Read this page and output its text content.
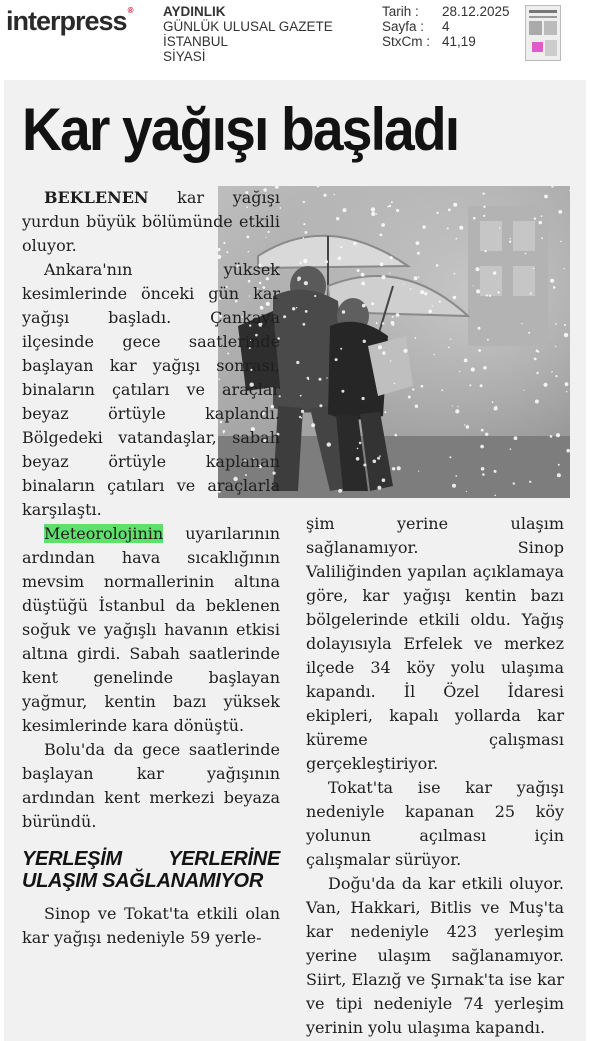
interpress® AYDINLIK
GÜNLÜK ULUSAL GAZETE
İSTANBUL
SİYASİ
Tarih :	28.12.2025
Sayfa :	4
StxCm : 41,19
Kar yağışı başladı

BEKLENEN kar yağışı yurdun büyük bölümünde etkili oluyor.

Ankara'nın yüksek kesimlerinde önceki gün kar yağışı başladı. Çankaya ilçesinde gece saatlerinde başlayan kar yağışı sonrası, binaların çatıları ve araçlar beyaz örtüyle kaplandı. Bölgedeki vatandaşlar, sabah beyaz örtüyle kaplanan binaların çatıları ve araçlarla karşılaştı.

Meteorolojinin uyarılarının ardından hava sıcaklığının mevsim normallerinin altına düştüğü İstanbul da beklenen soğuk ve yağışlı havanın etkisi altına girdi. Sabah saatlerinde kent genelinde başlayan yağmur, kentin bazı yüksek kesimlerinde kara dönüştü.

Bolu'da da gece saatlerinde başlayan kar yağışının ardından kent merkezi beyaza büründü.

YERLEŞİM YERLERİNE ULAŞIM SAĞLANAMIYOR

Sinop ve Tokat'ta etkili olan kar yağışı nedeniyle 59 yerle-

şim yerine ulaşım sağlanamıyor. Sinop Valiliğinden yapılan açıklamaya göre, kar yağışı kentin bazı bölgelerinde etkili oldu. Yağış dolayısıyla Erfelek ve merkez ilçede 34 köy yolu ulaşıma kapandı. İl Özel İdaresi ekipleri, kapalı yollarda kar küreme çalışması gerçekleştiriyor.

Tokat'ta ise kar yağışı nedeniyle kapanan 25 köy yolunun açılması için çalışmalar sürüyor.

Doğu'da da kar etkili oluyor. Van, Hakkari, Bitlis ve Muş'ta kar nedeniyle 423 yerleşim yerine ulaşım sağlanamıyor. Siirt, Elazığ ve Şırnak'ta ise kar ve tipi nedeniyle 74 yerleşim yerinin yolu ulaşıma kapandı.
